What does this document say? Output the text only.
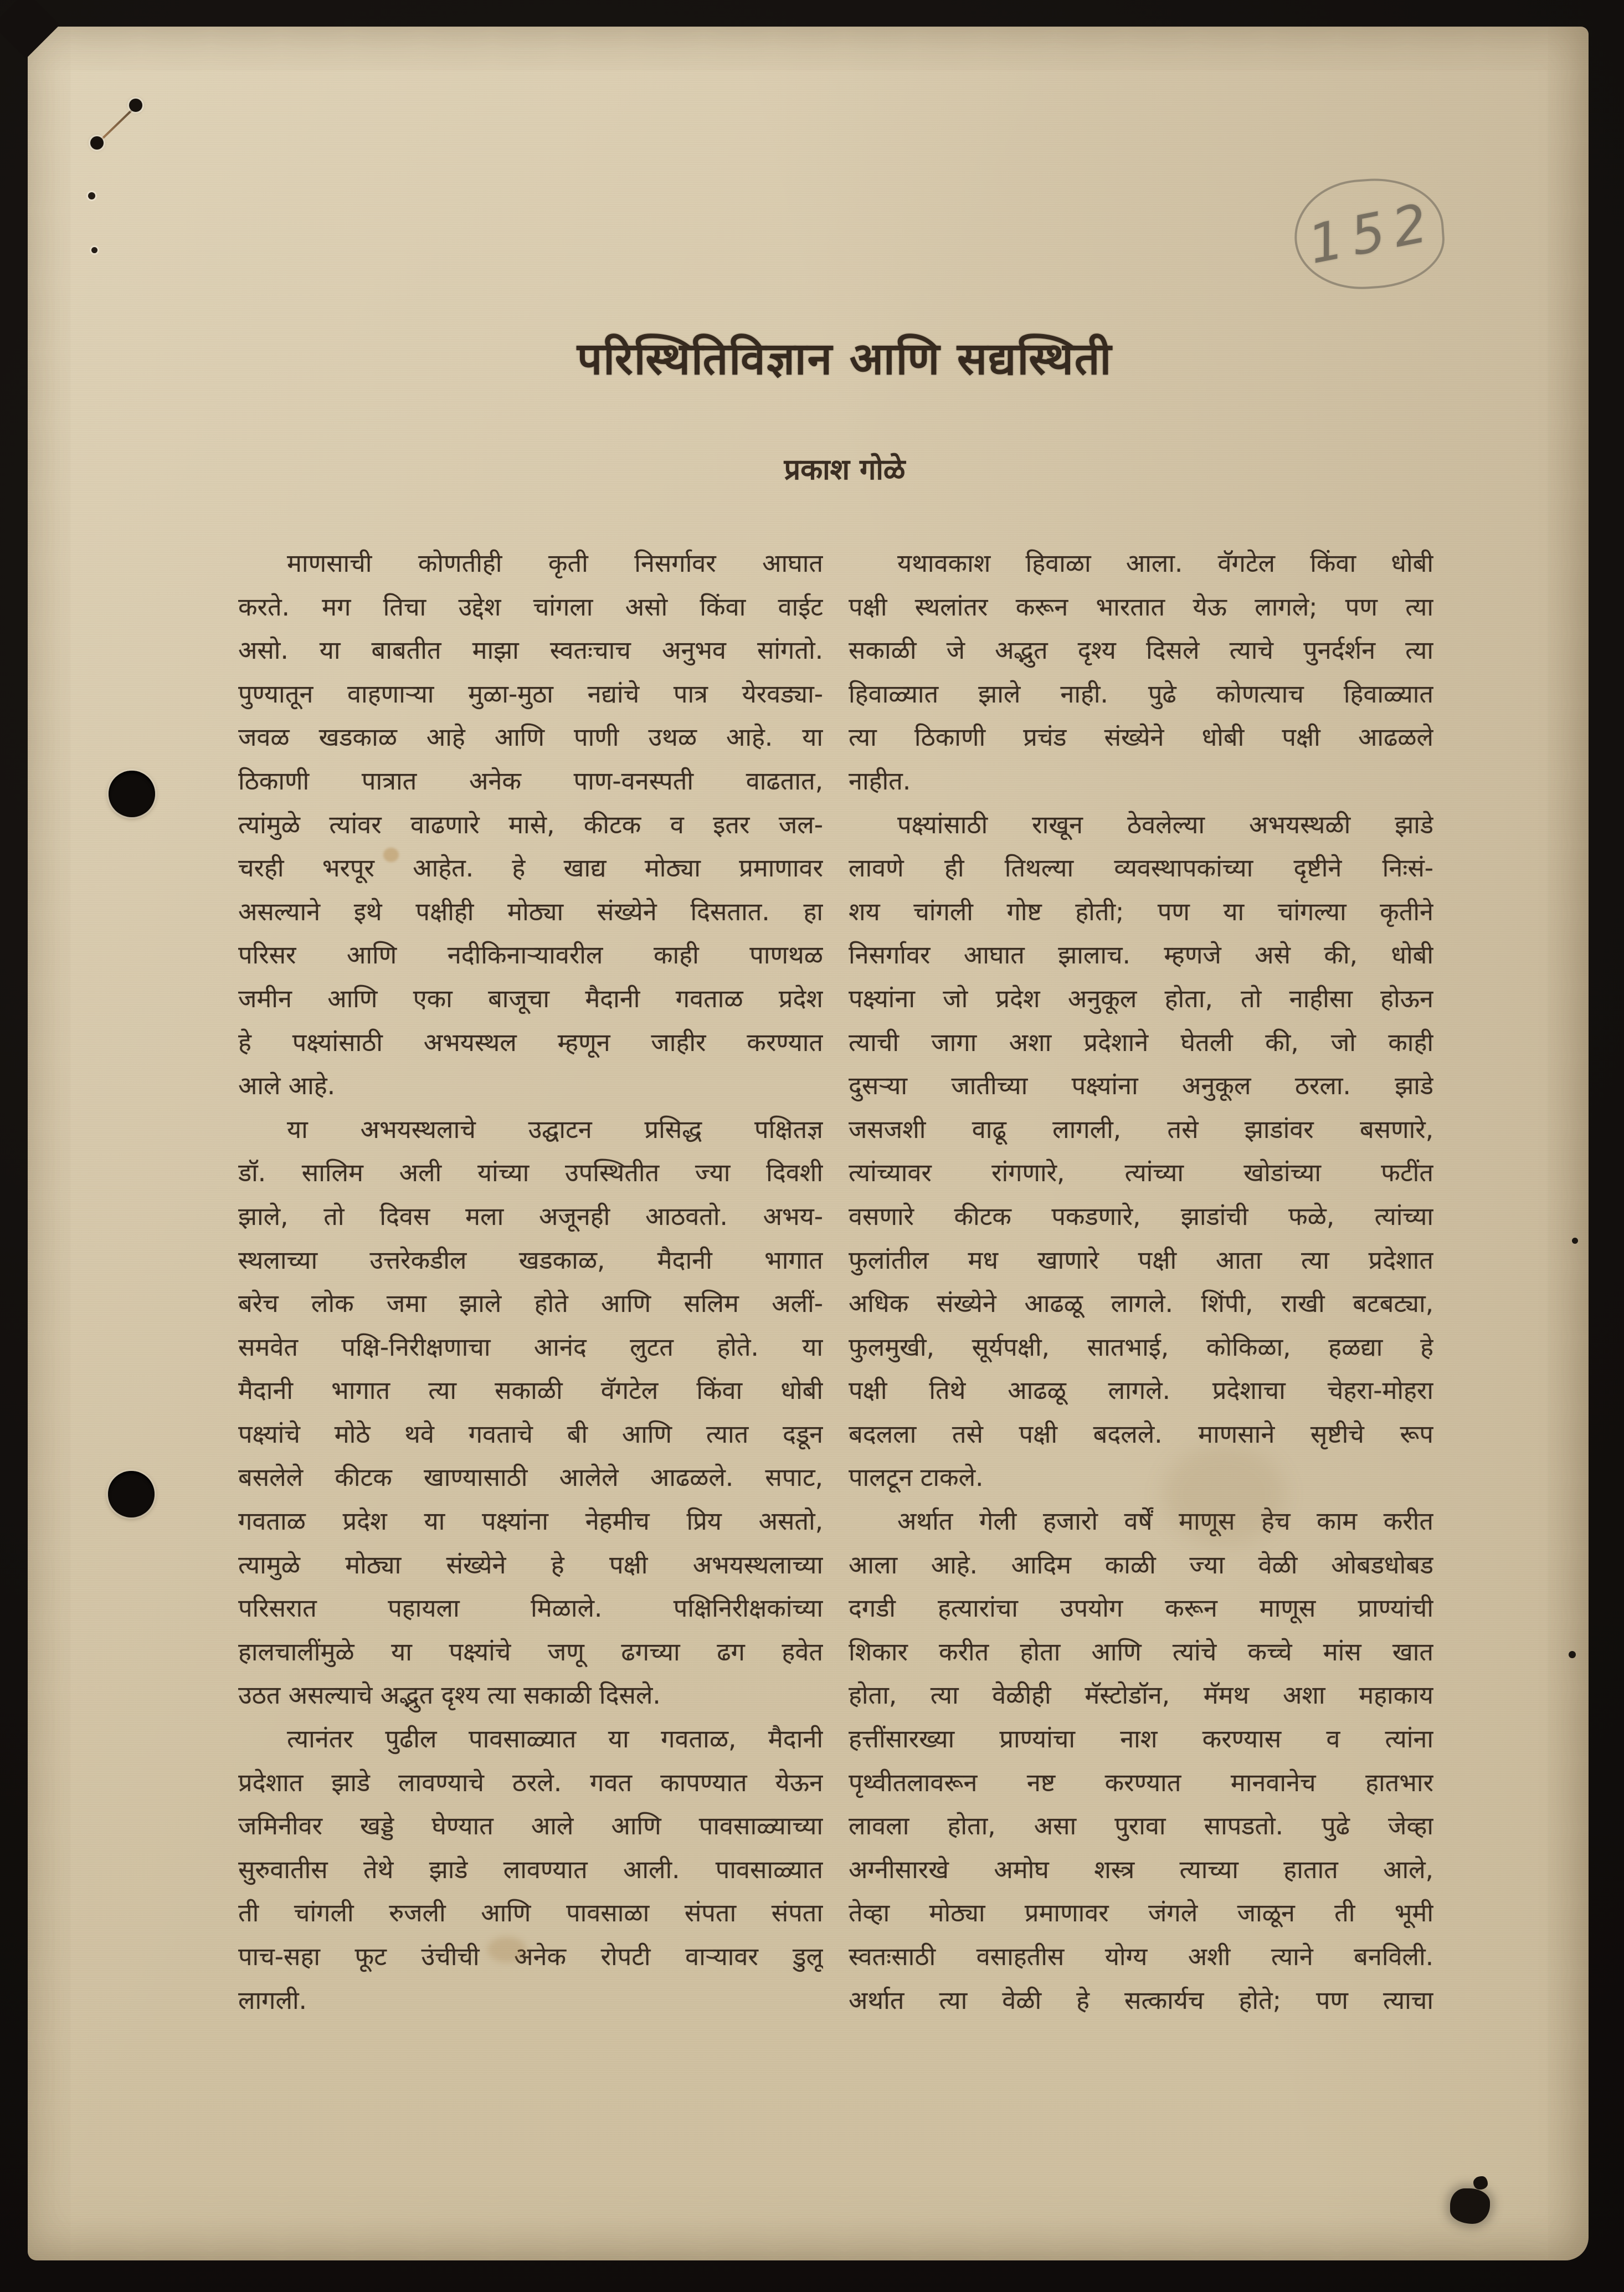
152
परिस्थितिविज्ञान आणि सद्यस्थिती
प्रकाश गोळे
माणसाची कोणतीही कृती निसर्गावर आघात
करते. मग तिचा उद्देश चांगला असो किंवा वाईट
असो. या बाबतीत माझा स्वतःचाच अनुभव सांगतो.
पुण्यातून वाहणाऱ्या मुळा-मुठा नद्यांचे पात्र येरवड्या-
जवळ खडकाळ आहे आणि पाणी उथळ आहे. या
ठिकाणी पात्रात अनेक पाण-वनस्पती वाढतात,
त्यांमुळे त्यांवर वाढणारे मासे, कीटक व इतर जल-
चरही भरपूर आहेत. हे खाद्य मोठ्या प्रमाणावर
असल्याने इथे पक्षीही मोठ्या संख्येने दिसतात. हा
परिसर आणि नदीकिनाऱ्यावरील काही पाणथळ
जमीन आणि एका बाजूचा मैदानी गवताळ प्रदेश
हे पक्ष्यांसाठी अभयस्थल म्हणून जाहीर करण्यात
आले आहे.
या अभयस्थलाचे उद्घाटन प्रसिद्ध पक्षितज्ञ
डॉ. सालिम अली यांच्या उपस्थितीत ज्या दिवशी
झाले, तो दिवस मला अजूनही आठवतो. अभय-
स्थलाच्या उत्तरेकडील खडकाळ, मैदानी भागात
बरेच लोक जमा झाले होते आणि सलिम अलीं-
समवेत पक्षि-निरीक्षणाचा आनंद लुटत होते. या
मैदानी भागात त्या सकाळी वॅगटेल किंवा धोबी
पक्ष्यांचे मोठे थवे गवताचे बी आणि त्यात दडून
बसलेले कीटक खाण्यासाठी आलेले आढळले. सपाट,
गवताळ प्रदेश या पक्ष्यांना नेहमीच प्रिय असतो,
त्यामुळे मोठ्या संख्येने हे पक्षी अभयस्थलाच्या
परिसरात पहायला मिळाले. पक्षिनिरीक्षकांच्या
हालचालींमुळे या पक्ष्यांचे जणू ढगच्या ढग हवेत
उठत असल्याचे अद्भुत दृश्य त्या सकाळी दिसले.
त्यानंतर पुढील पावसाळ्यात या गवताळ, मैदानी
प्रदेशात झाडे लावण्याचे ठरले. गवत कापण्यात येऊन
जमिनीवर खड्डे घेण्यात आले आणि पावसाळ्याच्या
सुरुवातीस तेथे झाडे लावण्यात आली. पावसाळ्यात
ती चांगली रुजली आणि पावसाळा संपता संपता
पाच-सहा फूट उंचीची अनेक रोपटी वाऱ्यावर डुलू
लागली.
यथावकाश हिवाळा आला. वॅगटेल किंवा धोबी
पक्षी स्थलांतर करून भारतात येऊ लागले; पण त्या
सकाळी जे अद्भुत दृश्य दिसले त्याचे पुनर्दर्शन त्या
हिवाळ्यात झाले नाही. पुढे कोणत्याच हिवाळ्यात
त्या ठिकाणी प्रचंड संख्येने धोबी पक्षी आढळले
नाहीत.
पक्ष्यांसाठी राखून ठेवलेल्या अभयस्थळी झाडे
लावणे ही तिथल्या व्यवस्थापकांच्या दृष्टीने निःसं-
शय चांगली गोष्ट होती; पण या चांगल्या कृतीने
निसर्गावर आघात झालाच. म्हणजे असे की, धोबी
पक्ष्यांना जो प्रदेश अनुकूल होता, तो नाहीसा होऊन
त्याची जागा अशा प्रदेशाने घेतली की, जो काही
दुसऱ्या जातीच्या पक्ष्यांना अनुकूल ठरला. झाडे
जसजशी वाढू लागली, तसे झाडांवर बसणारे,
त्यांच्यावर रांगणारे, त्यांच्या खोडांच्या फटींत
वसणारे कीटक पकडणारे, झाडांची फळे, त्यांच्या
फुलांतील मध खाणारे पक्षी आता त्या प्रदेशात
अधिक संख्येने आढळू लागले. शिंपी, राखी बटबट्या,
फुलमुखी, सूर्यपक्षी, सातभाई, कोकिळा, हळद्या हे
पक्षी तिथे आढळू लागले. प्रदेशाचा चेहरा-मोहरा
बदलला तसे पक्षी बदलले. माणसाने सृष्टीचे रूप
पालटून टाकले.
अर्थात गेली हजारो वर्षें माणूस हेच काम करीत
आला आहे. आदिम काळी ज्या वेळी ओबडधोबड
दगडी हत्यारांचा उपयोग करून माणूस प्राण्यांची
शिकार करीत होता आणि त्यांचे कच्चे मांस खात
होता, त्या वेळीही मॅस्टोडॉन, मॅमथ अशा महाकाय
हत्तींसारख्या प्राण्यांचा नाश करण्यास व त्यांना
पृथ्वीतलावरून नष्ट करण्यात मानवानेच हातभार
लावला होता, असा पुरावा सापडतो. पुढे जेव्हा
अग्नीसारखे अमोघ शस्त्र त्याच्या हातात आले,
तेव्हा मोठ्या प्रमाणावर जंगले जाळून ती भूमी
स्वतःसाठी वसाहतीस योग्य अशी त्याने बनविली.
अर्थात त्या वेळी हे सत्कार्यच होते; पण त्याचा
